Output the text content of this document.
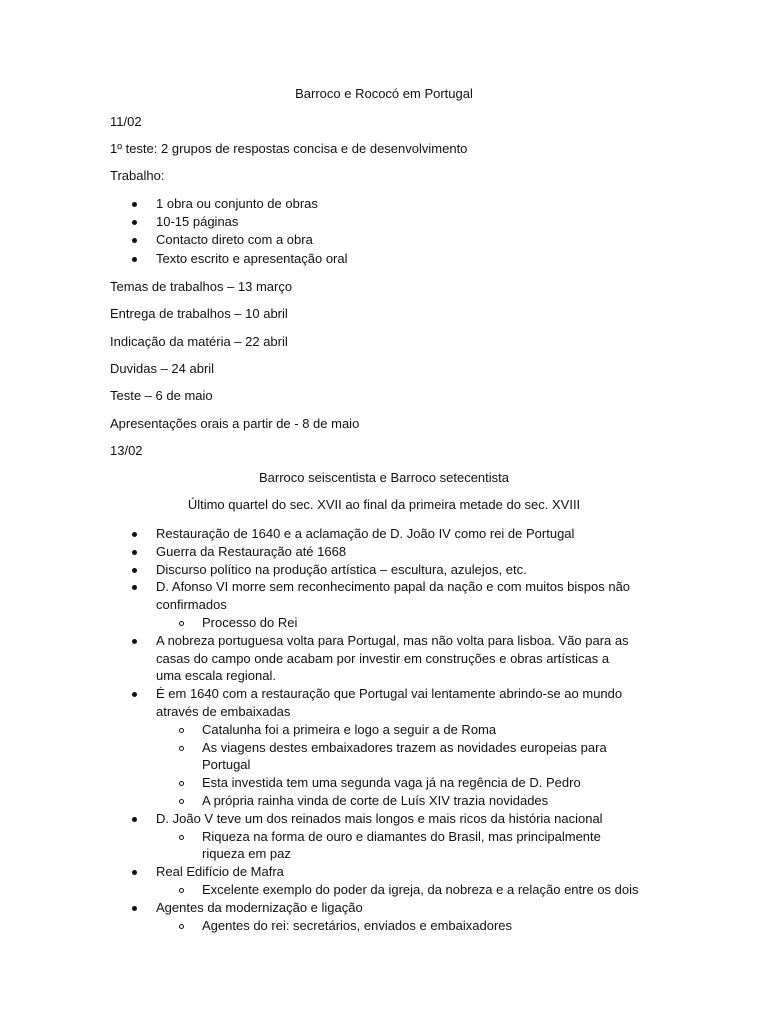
Barroco e Rococó em Portugal
11/02
1º teste: 2 grupos de respostas concisa e de desenvolvimento
Trabalho:
1 obra ou conjunto de obras
10-15 páginas
Contacto direto com a obra
Texto escrito e apresentação oral
Temas de trabalhos – 13 março
Entrega de trabalhos – 10 abril
Indicação da matéria – 22 abril
Duvidas – 24 abril
Teste – 6 de maio
Apresentações orais a partir de - 8 de maio
13/02
Barroco seiscentista e Barroco setecentista
Último quartel do sec. XVII ao final da primeira metade do sec. XVIII
Restauração de 1640 e a aclamação de D. João IV como rei de Portugal
Guerra da Restauração até 1668
Discurso político na produção artística – escultura, azulejos, etc.
D. Afonso VI morre sem reconhecimento papal da nação e com muitos bispos não
confirmados
Processo do Rei
A nobreza portuguesa volta para Portugal, mas não volta para lisboa. Vão para as
casas do campo onde acabam por investir em construções e obras artísticas a
uma escala regional.
É em 1640 com a restauração que Portugal vai lentamente abrindo-se ao mundo
através de embaixadas
Catalunha foi a primeira e logo a seguir a de Roma
As viagens destes embaixadores trazem as novidades europeias para
Portugal
Esta investida tem uma segunda vaga já na regência de D. Pedro
A própria rainha vinda de corte de Luís XIV trazia novidades
D. João V teve um dos reinados mais longos e mais ricos da história nacional
Riqueza na forma de ouro e diamantes do Brasil, mas principalmente
riqueza em paz
Real Edifício de Mafra
Excelente exemplo do poder da igreja, da nobreza e a relação entre os dois
Agentes da modernização e ligação
Agentes do rei: secretários, enviados e embaixadores
